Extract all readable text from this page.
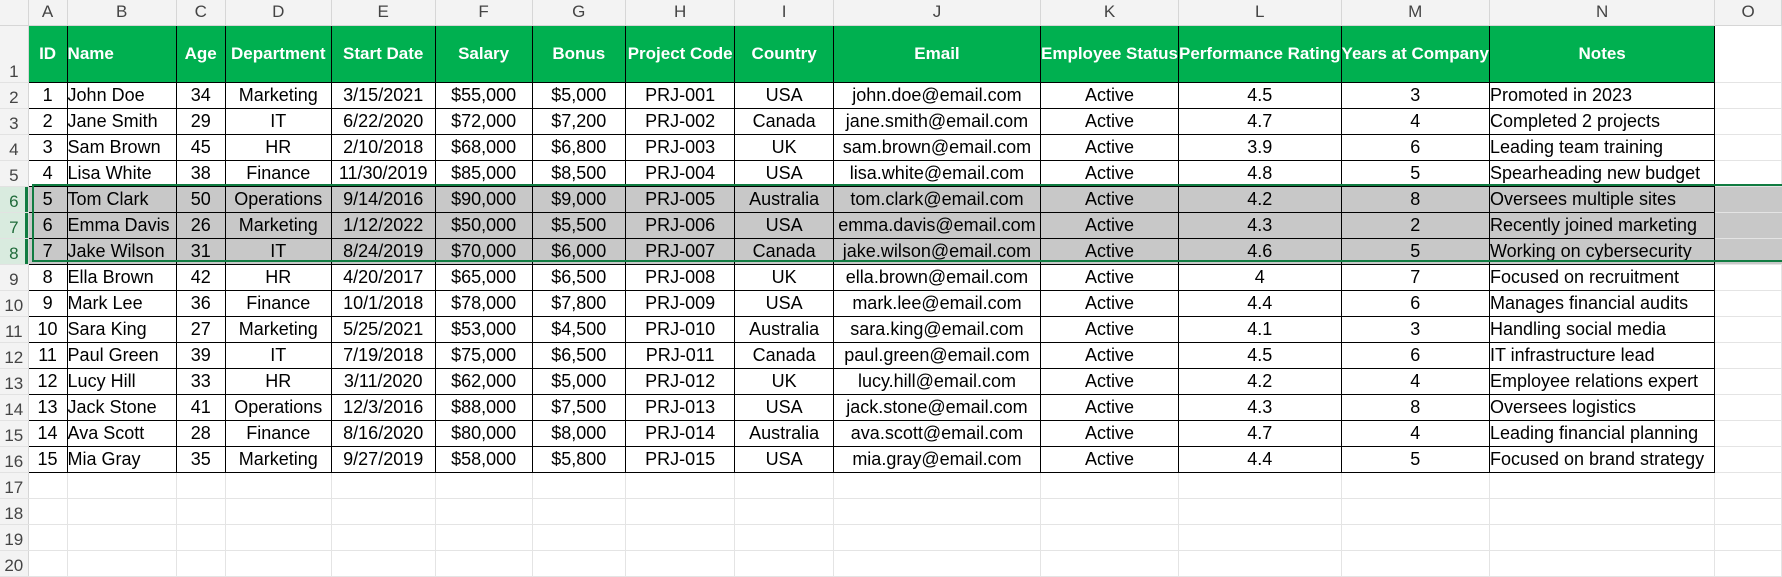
	A	B	C	D	E	F	G	H	I	J	K	L	M	N	O
1	ID	Name	Age	Department	Start Date	Salary	Bonus	Project Code	Country	Email	Employee Status	Performance Rating	Years at Company	Notes	
2	1	John Doe	34	Marketing	3/15/2021	$55,000	$5,000	PRJ-001	USA	john.doe@email.com	Active	4.5	3	Promoted in 2023	
3	2	Jane Smith	29	IT	6/22/2020	$72,000	$7,200	PRJ-002	Canada	jane.smith@email.com	Active	4.7	4	Completed 2 projects	
4	3	Sam Brown	45	HR	2/10/2018	$68,000	$6,800	PRJ-003	UK	sam.brown@email.com	Active	3.9	6	Leading team training	
5	4	Lisa White	38	Finance	11/30/2019	$85,000	$8,500	PRJ-004	USA	lisa.white@email.com	Active	4.8	5	Spearheading new budget	
6	5	Tom Clark	50	Operations	9/14/2016	$90,000	$9,000	PRJ-005	Australia	tom.clark@email.com	Active	4.2	8	Oversees multiple sites	
7	6	Emma Davis	26	Marketing	1/12/2022	$50,000	$5,500	PRJ-006	USA	emma.davis@email.com	Active	4.3	2	Recently joined marketing	
8	7	Jake Wilson	31	IT	8/24/2019	$70,000	$6,000	PRJ-007	Canada	jake.wilson@email.com	Active	4.6	5	Working on cybersecurity	
9	8	Ella Brown	42	HR	4/20/2017	$65,000	$6,500	PRJ-008	UK	ella.brown@email.com	Active	4	7	Focused on recruitment	
10	9	Mark Lee	36	Finance	10/1/2018	$78,000	$7,800	PRJ-009	USA	mark.lee@email.com	Active	4.4	6	Manages financial audits	
11	10	Sara King	27	Marketing	5/25/2021	$53,000	$4,500	PRJ-010	Australia	sara.king@email.com	Active	4.1	3	Handling social media	
12	11	Paul Green	39	IT	7/19/2018	$75,000	$6,500	PRJ-011	Canada	paul.green@email.com	Active	4.5	6	IT infrastructure lead	
13	12	Lucy Hill	33	HR	3/11/2020	$62,000	$5,000	PRJ-012	UK	lucy.hill@email.com	Active	4.2	4	Employee relations expert	
14	13	Jack Stone	41	Operations	12/3/2016	$88,000	$7,500	PRJ-013	USA	jack.stone@email.com	Active	4.3	8	Oversees logistics	
15	14	Ava Scott	28	Finance	8/16/2020	$80,000	$8,000	PRJ-014	Australia	ava.scott@email.com	Active	4.7	4	Leading financial planning	
16	15	Mia Gray	35	Marketing	9/27/2019	$58,000	$5,800	PRJ-015	USA	mia.gray@email.com	Active	4.4	5	Focused on brand strategy	
17															
18															
19															
20															
